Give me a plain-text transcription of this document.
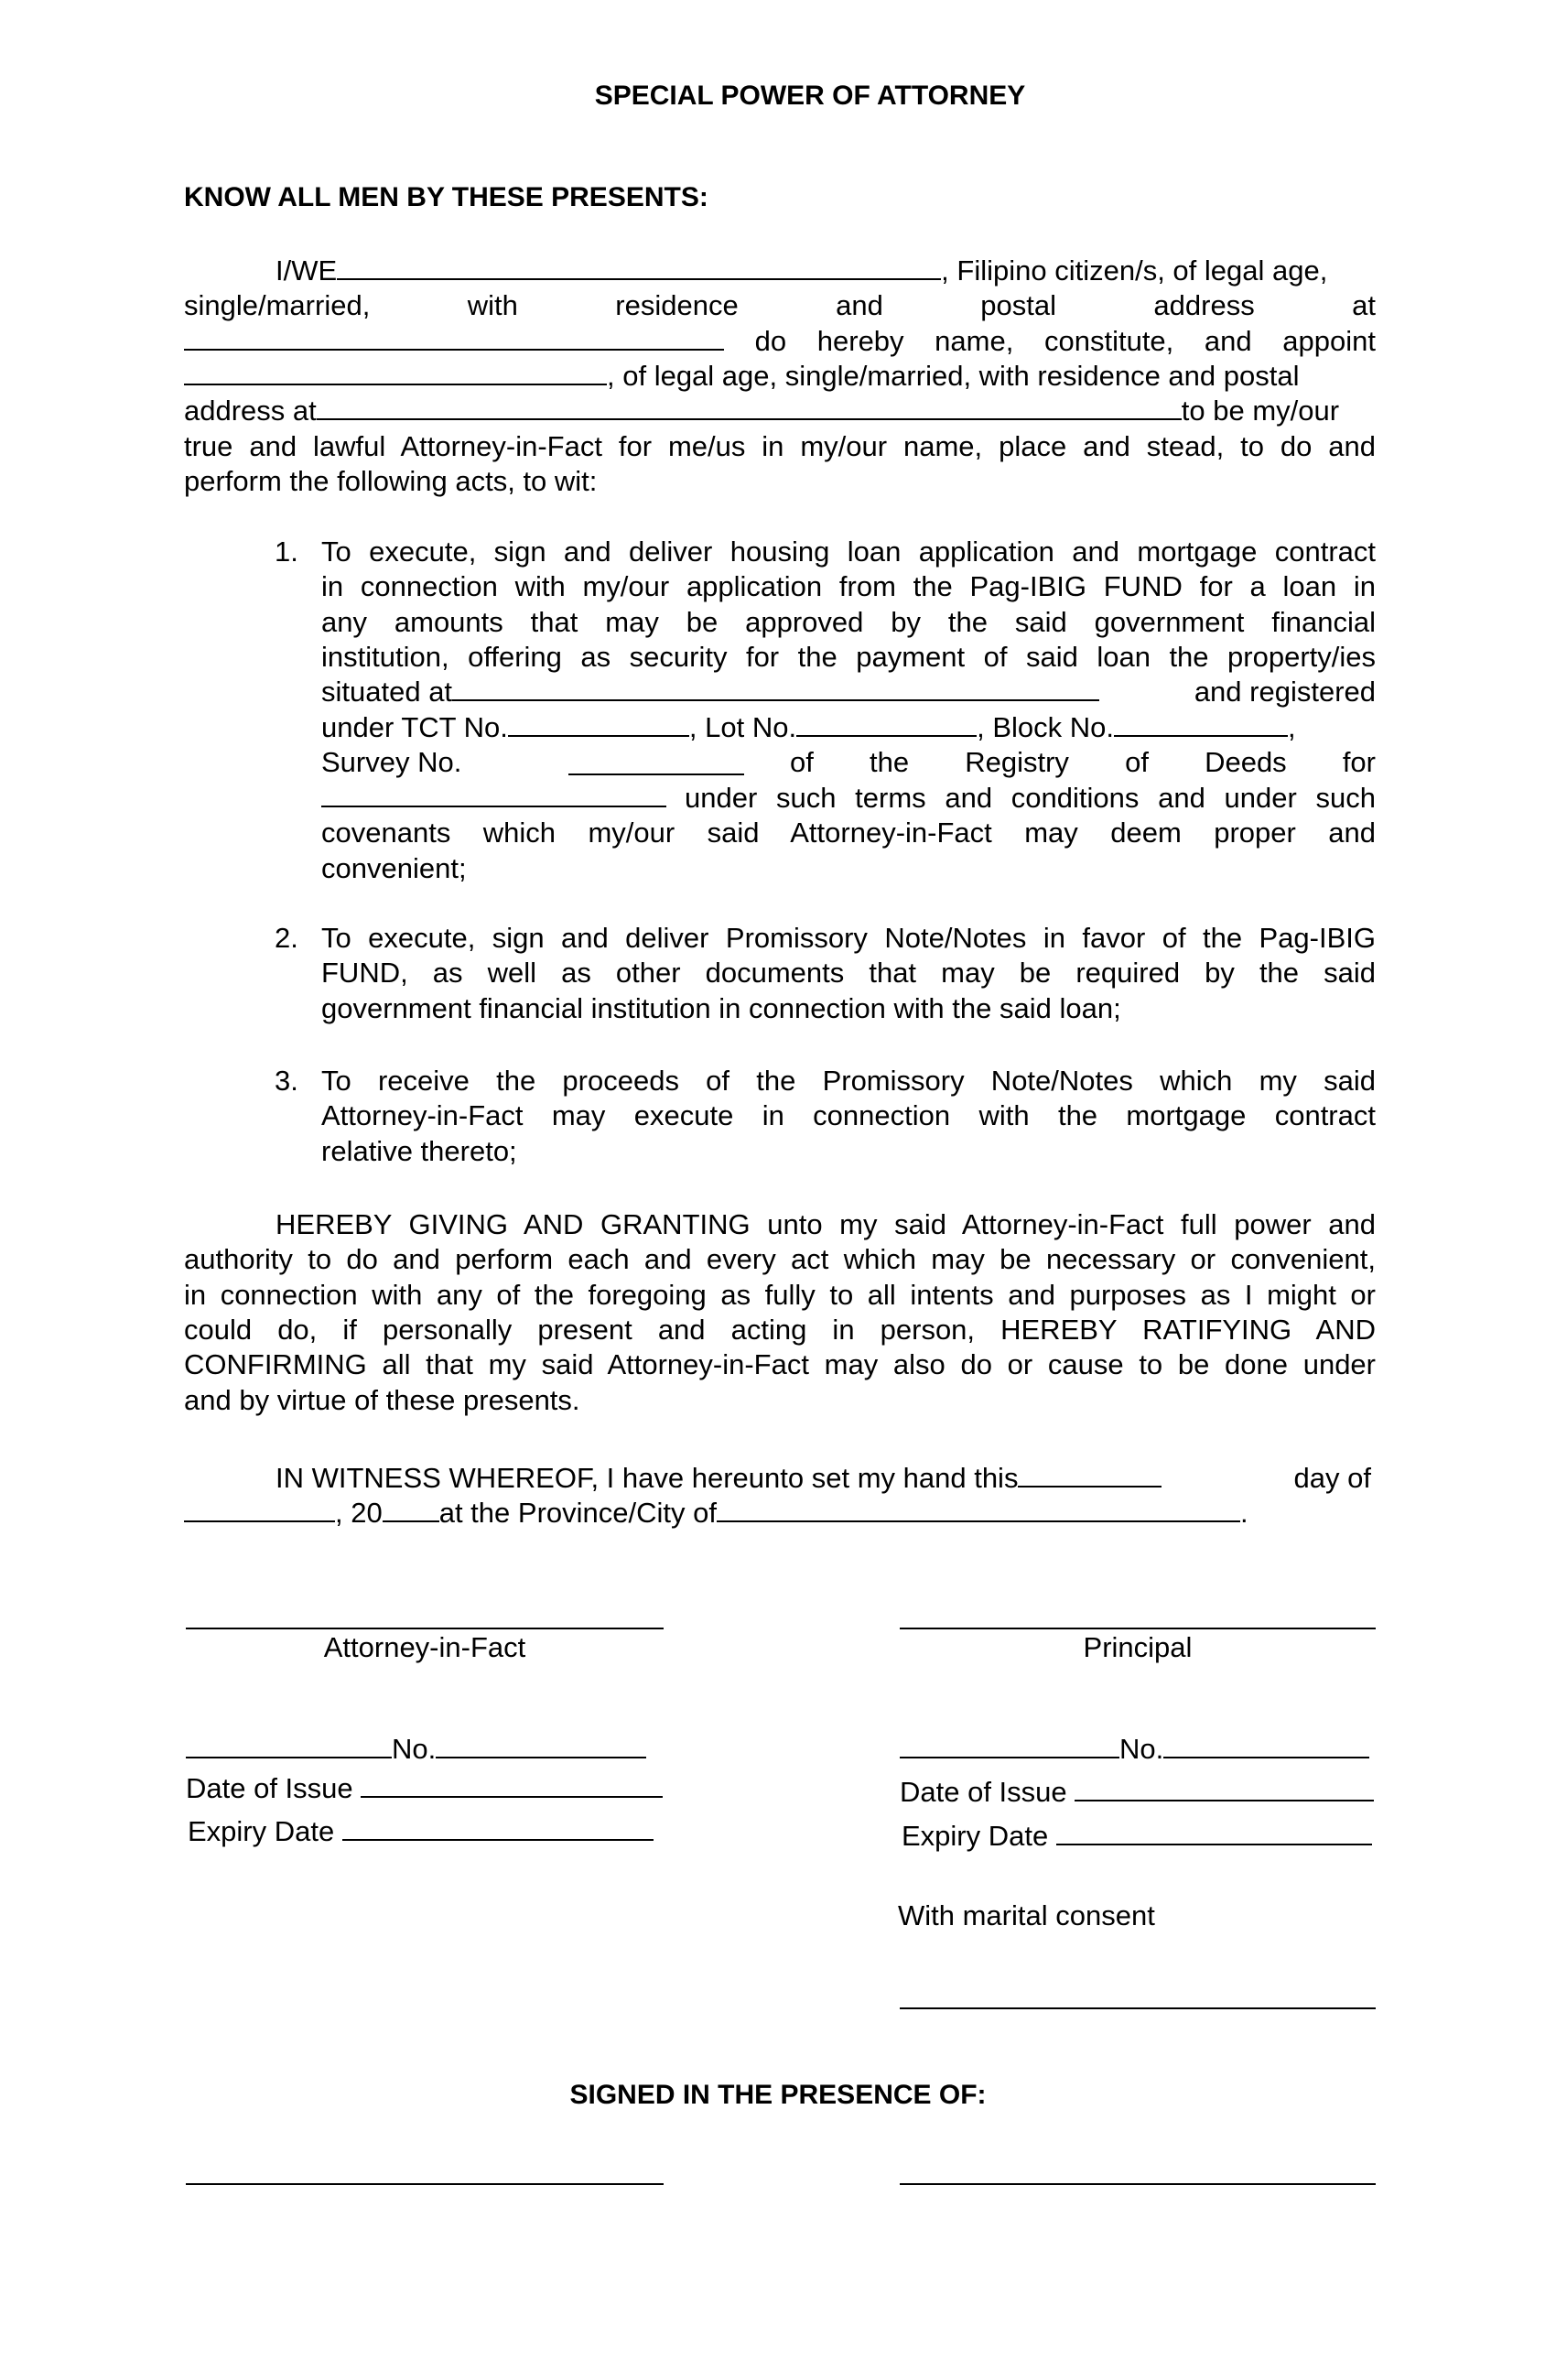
SPECIAL POWER OF ATTORNEY
KNOW ALL MEN BY THESE PRESENTS:
I/WE	, Filipino citizen/s, of legal age,
single/married, with residence and postal address at
do hereby name, constitute, and appoint
, of legal age, single/married, with residence and postal
address at	to be my/our
true and lawful Attorney-in-Fact for me/us in my/our name, place and stead, to do and
perform the following acts, to wit:
1. To execute, sign and deliver housing loan application and mortgage contract
in connection with my/our application from the Pag-IBIG FUND for a loan in
any amounts that may be approved by the said government financial
institution, offering as security for the payment of said loan the property/ies
situated at	and registered
under TCT No.	, Lot No.	, Block No.	,
Survey No.	of the Registry of Deeds for
under such terms and conditions and under such
covenants which my/our said Attorney-in-Fact may deem proper and
convenient;
2. To execute, sign and deliver Promissory Note/Notes in favor of the Pag-IBIG
FUND, as well as other documents that may be required by the said
government financial institution in connection with the said loan;
3. To receive the proceeds of the Promissory Note/Notes which my said
Attorney-in-Fact may execute in connection with the mortgage contract
relative thereto;
HEREBY GIVING AND GRANTING unto my said Attorney-in-Fact full power and
authority to do and perform each and every act which may be necessary or convenient,
in connection with any of the foregoing as fully to all intents and purposes as I might or
could do, if personally present and acting in person, HEREBY RATIFYING AND
CONFIRMING all that my said Attorney-in-Fact may also do or cause to be done under
and by virtue of these presents.
IN WITNESS WHEREOF, I have hereunto set my hand this	day of
, 20 at the Province/City of	.
Attorney-in-Fact	Principal
No.
Date of Issue
Expiry Date
No.
Date of Issue
Expiry Date
With marital consent
SIGNED IN THE PRESENCE OF:
